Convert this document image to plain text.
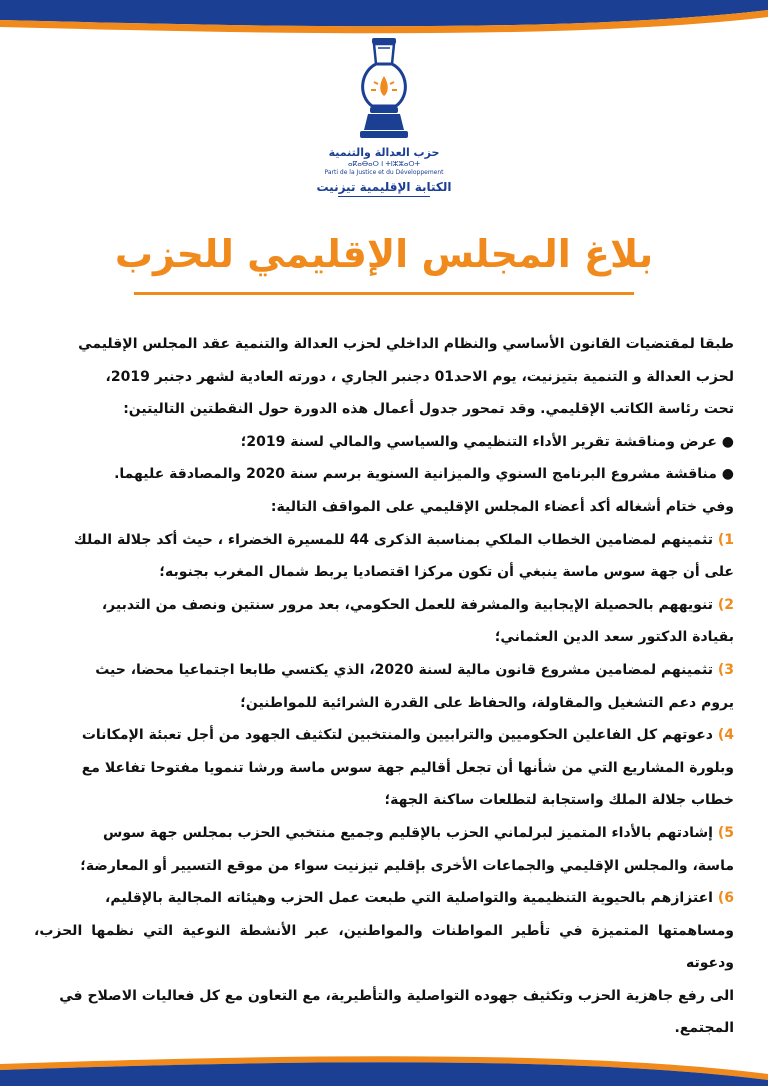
حزب العدالة والتنمية
ⴰⴽⴰⴱⴰⵔ ⵏ ⵜⵏⵣⵣⴰⵔⵜ
Parti de la Justice et du Développement
الكتابة الإقليمية تيزنيت
بلاغ المجلس الإقليمي للحزب

طبقا لمقتضيات القانون الأساسي والنظام الداخلي لحزب العدالة والتنمية عقد المجلس الإقليمي

لحزب العدالة و التنمية بتيزنيت، يوم الاحد01 دجنبر الجاري ، دورته العادية لشهر دجنبر 2019،

تحت رئاسة الكاتب الإقليمي. وقد تمحور جدول أعمال هذه الدورة حول النقطتين التاليتين:

● عرض ومناقشة تقرير الأداء التنظيمي والسياسي والمالي لسنة 2019؛

● مناقشة مشروع البرنامج السنوي والميزانية السنوية برسم سنة 2020 والمصادقة عليهما.

وفي ختام أشغاله أكد أعضاء المجلس الإقليمي على المواقف التالية:

1) تثمينهم لمضامين الخطاب الملكي بمناسبة الذكرى 44 للمسيرة الخضراء ، حيث أكد جلالة الملك

على أن جهة سوس ماسة ينبغي أن تكون مركزا اقتصاديا يربط شمال المغرب بجنوبه؛

2) تنويههم بالحصيلة الإيجابية والمشرفة للعمل الحكومي، بعد مرور سنتين ونصف من التدبير،

بقيادة الدكتور سعد الدين العثماني؛

3) تثمينهم لمضامين مشروع قانون مالية لسنة 2020، الذي يكتسي طابعا اجتماعيا محضا، حيث

يروم دعم التشغيل والمقاولة، والحفاظ على القدرة الشرائية للمواطنين؛

4) دعوتهم كل الفاعلين الحكوميين والترابيين والمنتخبين لتكثيف الجهود من أجل تعبئة الإمكانات

وبلورة المشاريع التي من شأنها أن تجعل أقاليم جهة سوس ماسة ورشا تنمويا مفتوحا تفاعلا مع

خطاب جلالة الملك واستجابة لتطلعات ساكنة الجهة؛

5) إشادتهم بالأداء المتميز لبرلماني الحزب بالإقليم وجميع منتخبي الحزب بمجلس جهة سوس

ماسة، والمجلس الإقليمي والجماعات الأخرى بإقليم تيزنيت سواء من موقع التسيير أو المعارضة؛

6) اعتزازهم بالحيوية التنظيمية والتواصلية التي طبعت عمل الحزب وهيئاته المجالية بالإقليم،

ومساهمتها المتميزة في تأطير المواطنات والمواطنين، عبر الأنشطة النوعية التي نظمها الحزب، ودعوته

الى رفع جاهزية الحزب وتكثيف جهوده التواصلية والتأطيرية، مع التعاون مع كل فعاليات الاصلاح في

المجتمع.
